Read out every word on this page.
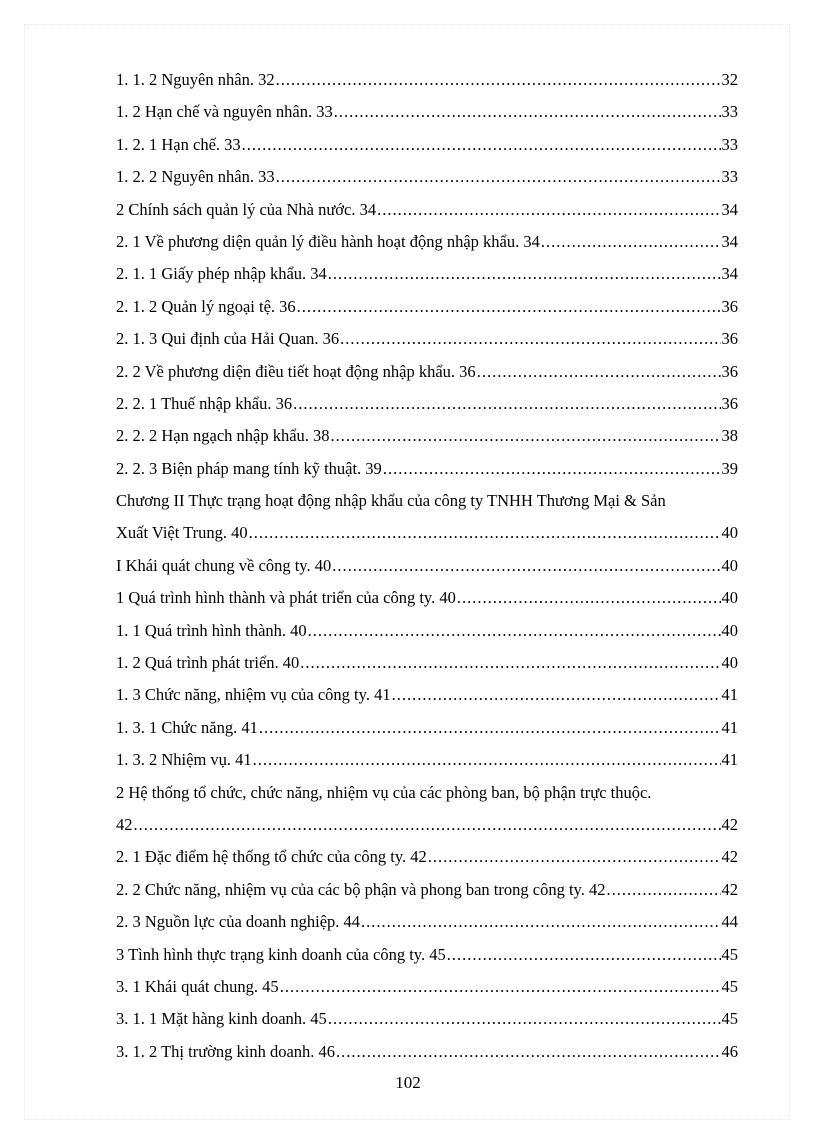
1. 1. 2 Nguyên nhân. 32 .....	32
1. 2 Hạn chế và nguyên nhân. 33 .....	33
1. 2. 1 Hạn chế. 33 .....	33
1. 2. 2 Nguyên nhân. 33 .....	33
2 Chính sách quản lý của Nhà nước. 34 .....	34
2. 1 Về phương diện quản lý điều hành hoạt động nhập khẩu. 34 .....	34
2. 1. 1 Giấy phép nhập khẩu. 34 .....	34
2. 1. 2 Quản lý ngoại tệ. 36 .....	36
2. 1. 3 Qui định của Hải Quan. 36 .....	36
2. 2 Về phương diện điều tiết hoạt động nhập khẩu. 36 .....	36
2. 2. 1 Thuế nhập khẩu. 36 .....	36
2. 2. 2 Hạn ngạch nhập khẩu. 38 .....	38
2. 2. 3 Biện pháp mang tính kỹ thuật. 39 .....	39
Chương II Thực trạng hoạt động nhập khẩu của công ty TNHH Thương Mại & Sản
Xuất Việt Trung. 40 .....	40
I Khái quát chung về công ty. 40 .....	40
1 Quá trình hình thành và phát triển của công ty. 40 .....	40
1. 1 Quá trình hình thành. 40 .....	40
1. 2 Quá trình phát triển. 40 .....	40
1. 3 Chức năng, nhiệm vụ của công ty. 41 .....	41
1. 3. 1 Chức năng. 41 .....	41
1. 3. 2 Nhiệm vụ. 41 .....	41
2 Hệ thống tổ chức, chức năng, nhiệm vụ của các phòng ban, bộ phận trực thuộc.
42 .....	42
2. 1 Đặc điểm hệ thống tổ chức của công ty. 42 .....	42
2. 2 Chức năng, nhiệm vụ của các bộ phận và phong ban trong công ty. 42 .....	42
2. 3 Nguồn lực của doanh nghiệp. 44 .....	44
3 Tình hình thực trạng kinh doanh của công ty. 45 .....	45
3. 1 Khái quát chung. 45 .....	45
3. 1. 1 Mặt hàng kinh doanh. 45 .....	45
3. 1. 2 Thị trường kinh doanh. 46 .....	46
102
